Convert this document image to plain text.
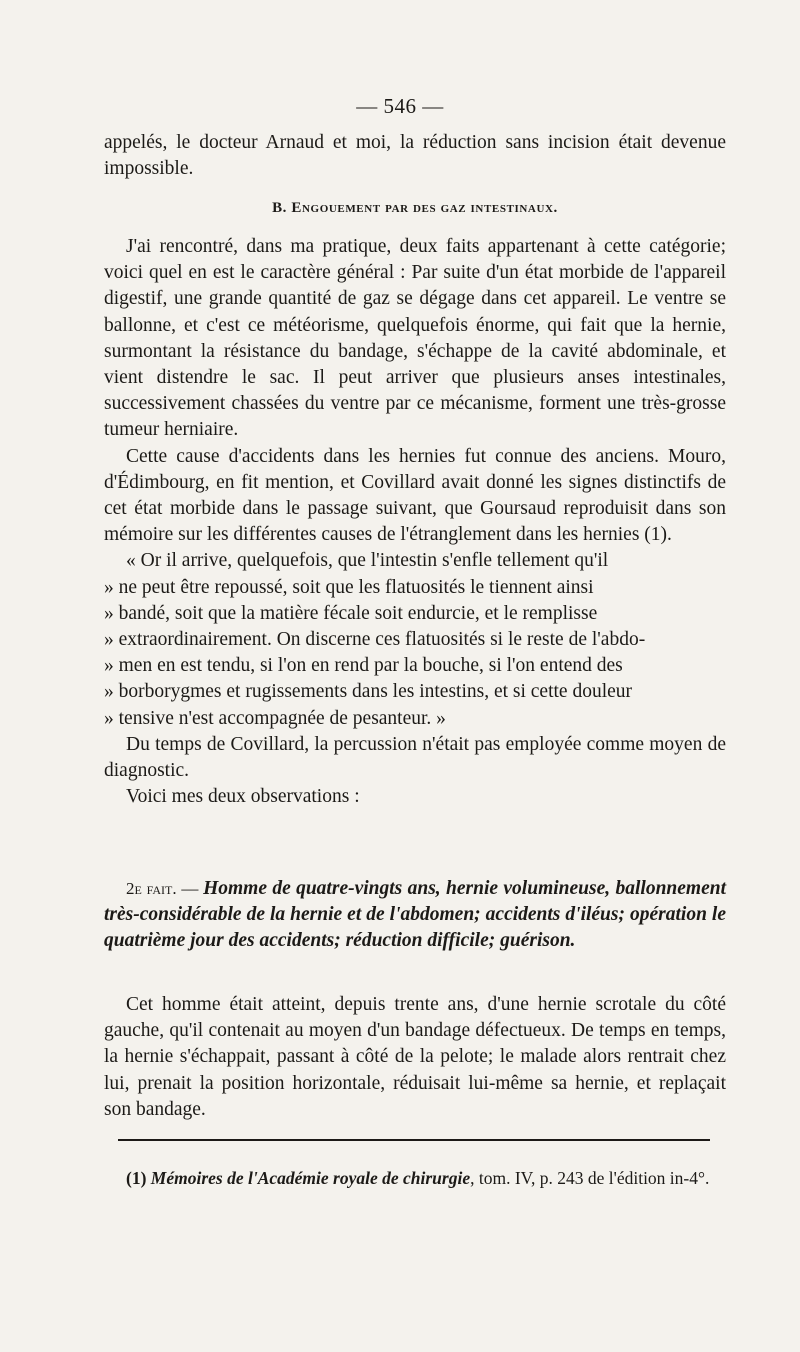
— 546 —

appelés, le docteur Arnaud et moi, la réduction sans incision était devenue impossible.

B. Engouement par des gaz intestinaux.

J'ai rencontré, dans ma pratique, deux faits appartenant à cette catégorie; voici quel en est le caractère général : Par suite d'un état morbide de l'appareil digestif, une grande quantité de gaz se dégage dans cet appareil. Le ventre se ballonne, et c'est ce météorisme, quelquefois énorme, qui fait que la hernie, surmontant la résistance du bandage, s'échappe de la cavité abdominale, et vient distendre le sac. Il peut arriver que plusieurs anses intestinales, successivement chassées du ventre par ce mécanisme, forment une très-grosse tumeur herniaire.

Cette cause d'accidents dans les hernies fut connue des anciens. Mouro, d'Édimbourg, en fit mention, et Covillard avait donné les signes distinctifs de cet état morbide dans le passage suivant, que Goursaud reproduisit dans son mémoire sur les différentes causes de l'étranglement dans les hernies (1).

« Or il arrive, quelquefois, que l'intestin s'enfle tellement qu'il

» ne peut être repoussé, soit que les flatuosités le tiennent ainsi

» bandé, soit que la matière fécale soit endurcie, et le remplisse

» extraordinairement. On discerne ces flatuosités si le reste de l'abdo-

» men en est tendu, si l'on en rend par la bouche, si l'on entend des

» borborygmes et rugissements dans les intestins, et si cette douleur

» tensive n'est accompagnée de pesanteur. »

Du temps de Covillard, la percussion n'était pas employée comme moyen de diagnostic.

Voici mes deux observations :

2e fait. — Homme de quatre-vingts ans, hernie volumineuse, ballonnement très-considérable de la hernie et de l'abdomen; accidents d'iléus; opération le quatrième jour des accidents; réduction difficile; guérison.

Cet homme était atteint, depuis trente ans, d'une hernie scrotale du côté gauche, qu'il contenait au moyen d'un bandage défectueux. De temps en temps, la hernie s'échappait, passant à côté de la pelote; le malade alors rentrait chez lui, prenait la position horizontale, réduisait lui-même sa hernie, et replaçait son bandage.

(1) Mémoires de l'Académie royale de chirurgie, tom. IV, p. 243 de l'édition in-4°.
